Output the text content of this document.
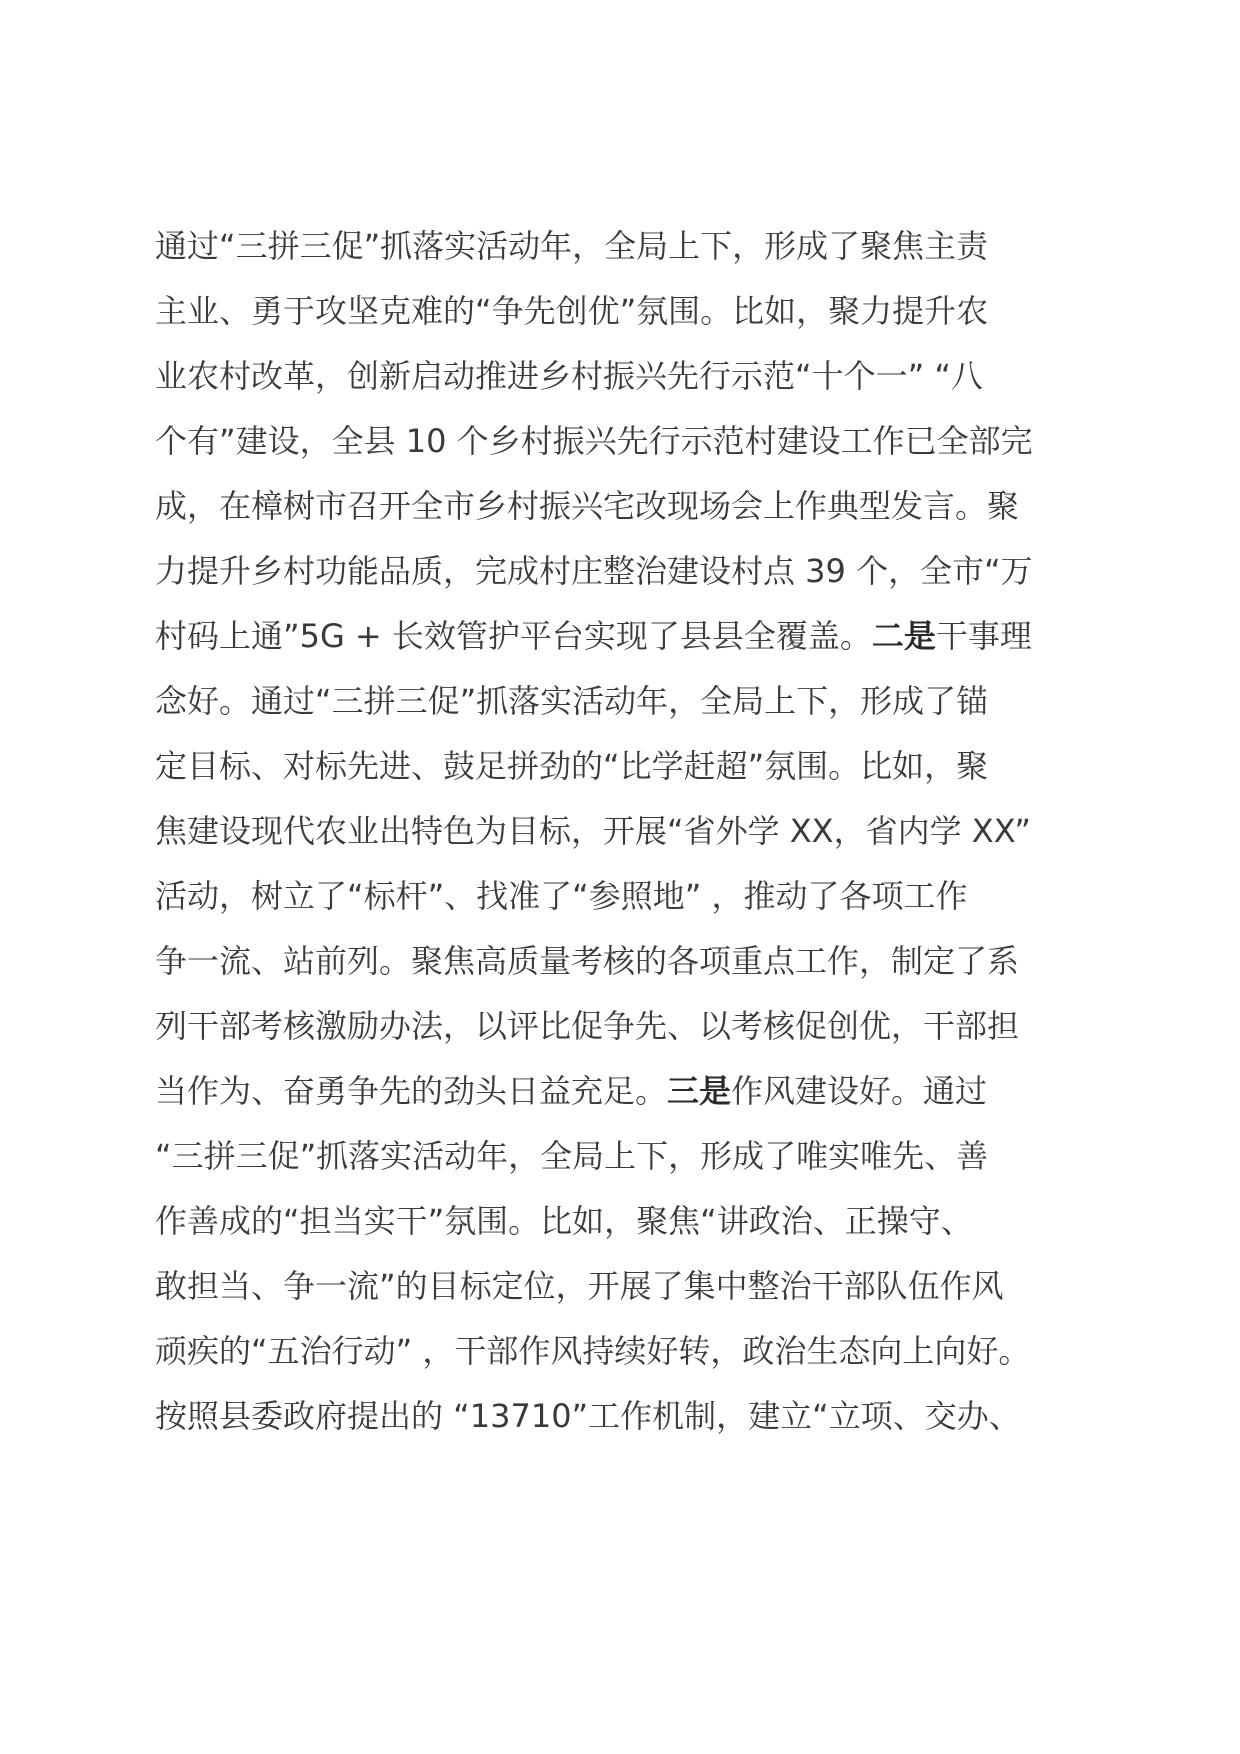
通过“三拼三促”抓落实活动年，全局上下，形成了聚焦主责
主业、勇于攻坚克难的“争先创优”氛围。比如，聚力提升农
业农村改革，创新启动推进乡村振兴先行示范“十个一” “八
个有”建设，全县 10 个乡村振兴先行示范村建设工作已全部完
成，在樟树市召开全市乡村振兴宅改现场会上作典型发言。聚
力提升乡村功能品质，完成村庄整治建设村点 39 个，全市“万
村码上通”5G + 长效管护平台实现了县县全覆盖。二是干事理
念好。通过“三拼三促”抓落实活动年，全局上下，形成了锚
定目标、对标先进、鼓足拼劲的“比学赶超”氛围。比如，聚
焦建设现代农业出特色为目标，开展“省外学 XX，省内学 XX”
活动，树立了“标杆”、找准了“参照地” ，推动了各项工作
争一流、站前列。聚焦高质量考核的各项重点工作，制定了系
列干部考核激励办法，以评比促争先、以考核促创优，干部担
当作为、奋勇争先的劲头日益充足。三是作风建设好。通过
“三拼三促”抓落实活动年，全局上下，形成了唯实唯先、善
作善成的“担当实干”氛围。比如，聚焦“讲政治、正操守、
敢担当、争一流”的目标定位，开展了集中整治干部队伍作风
顽疾的“五治行动” ，干部作风持续好转，政治生态向上向好。
按照县委政府提出的 “13710”工作机制，建立“立项、交办、
